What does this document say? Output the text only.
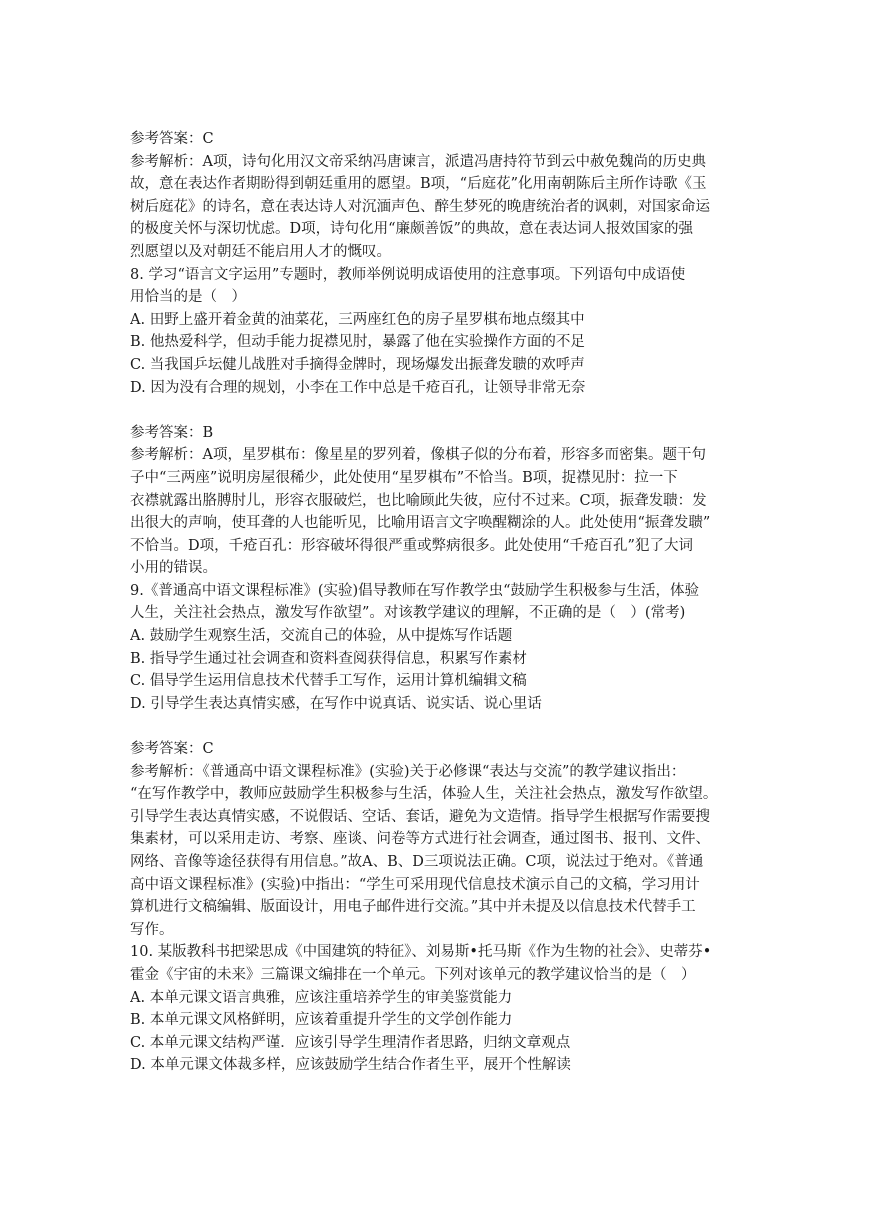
参考答案：C
参考解析：A项，诗句化用汉文帝采纳冯唐谏言，派遣冯唐持符节到云中赦免魏尚的历史典
故，意在表达作者期盼得到朝廷重用的愿望。B项，“后庭花”化用南朝陈后主所作诗歌《玉
树后庭花》的诗名，意在表达诗人对沉湎声色、醉生梦死的晚唐统治者的讽刺，对国家命运
的极度关怀与深切忧虑。D项，诗句化用“廉颇善饭”的典故，意在表达词人报效国家的强
烈愿望以及对朝廷不能启用人才的慨叹。
8. 学习“语言文字运用”专题时，教师举例说明成语使用的注意事项。下列语句中成语使
用恰当的是（　）
A. 田野上盛开着金黄的油菜花，三两座红色的房子星罗棋布地点缀其中
B. 他热爱科学，但动手能力捉襟见肘，暴露了他在实验操作方面的不足
C. 当我国乒坛健儿战胜对手摘得金牌时，现场爆发出振聋发聩的欢呼声
D. 因为没有合理的规划，小李在工作中总是千疮百孔，让领导非常无奈
参考答案：B
参考解析：A项，星罗棋布：像星星的罗列着，像棋子似的分布着，形容多而密集。题干句
子中“三两座”说明房屋很稀少，此处使用“星罗棋布”不恰当。B项，捉襟见肘：拉一下
衣襟就露出胳膊肘儿，形容衣服破烂，也比喻顾此失彼，应付不过来。C项，振聋发聩：发
出很大的声响，使耳聋的人也能听见，比喻用语言文字唤醒糊涂的人。此处使用“振聋发聩”
不恰当。D项，千疮百孔：形容破坏得很严重或弊病很多。此处使用“千疮百孔”犯了大词
小用的错误。
9.《普通高中语文课程标准》(实验)倡导教师在写作教学虫“鼓励学生积极参与生活，体验
人生，关注社会热点，激发写作欲望”。对该教学建议的理解，不正确的是（　）(常考)
A. 鼓励学生观察生活，交流自己的体验，从中提炼写作话题
B. 指导学生通过社会调查和资料查阅获得信息，积累写作素材
C. 倡导学生运用信息技术代替手工写作，运用计算机编辑文稿
D. 引导学生表达真情实感，在写作中说真话、说实话、说心里话
参考答案：C
参考解析：《普通高中语文课程标准》(实验)关于必修课“表达与交流”的教学建议指出：
“在写作教学中，教师应鼓励学生积极参与生活，体验人生，关注社会热点，激发写作欲望。
引导学生表达真情实感，不说假话、空话、套话，避免为文造情。指导学生根据写作需要搜
集素材，可以采用走访、考察、座谈、问卷等方式进行社会调查，通过图书、报刊、文件、
网络、音像等途径获得有用信息。”故A、B、D三项说法正确。C项，说法过于绝对。《普通
高中语文课程标准》(实验)中指出：“学生可采用现代信息技术演示自己的文稿，学习用计
算机进行文稿编辑、版面设计，用电子邮件进行交流。”其中并未提及以信息技术代替手工
写作。
10. 某版教科书把梁思成《中国建筑的特征》、刘易斯•托马斯《作为生物的社会》、史蒂芬•
霍金《宇宙的未来》三篇课文编排在一个单元。下列对该单元的教学建议恰当的是（　）
A. 本单元课文语言典雅，应该注重培养学生的审美鉴赏能力
B. 本单元课文风格鲜明，应该着重提升学生的文学创作能力
C. 本单元课文结构严谨．应该引导学生理清作者思路，归纳文章观点
D. 本单元课文体裁多样，应该鼓励学生结合作者生平，展开个性解读
